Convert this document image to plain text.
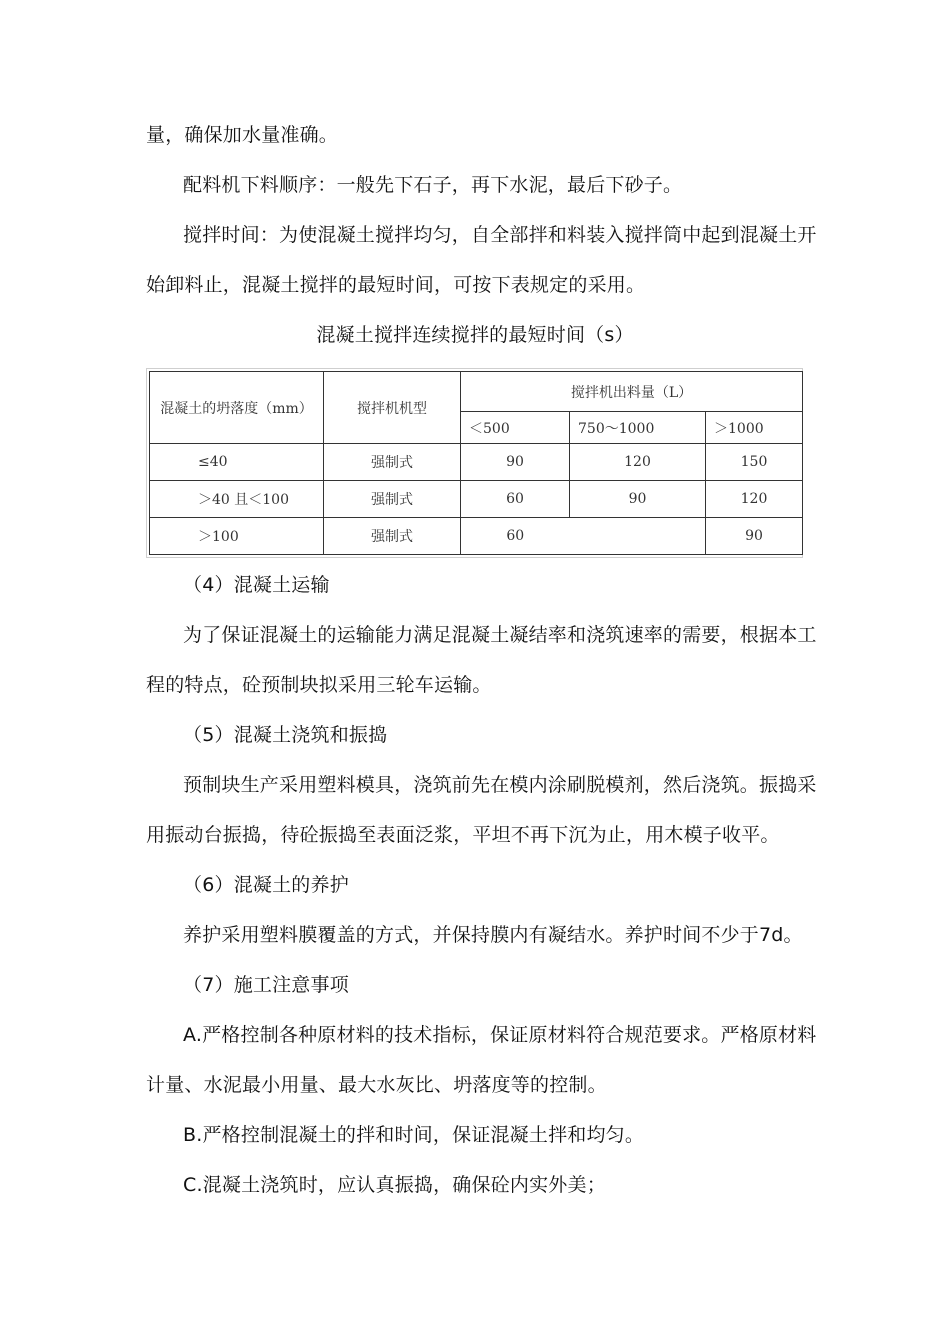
量，确保加水量准确。
配料机下料顺序：一般先下石子，再下水泥，最后下砂子。
搅拌时间：为使混凝土搅拌均匀，自全部拌和料装入搅拌筒中起到混凝土开
始卸料止，混凝土搅拌的最短时间，可按下表规定的采用。
混凝土搅拌连续搅拌的最短时间（s）
混凝土的坍落度（mm）	搅拌机机型	搅拌机出料量（L）		
		＜500	750～1000	＞1000
≤40	强制式	90	120	150
＞40 且＜100	强制式	60	90	120
＞100	强制式	60		90
（4）混凝土运输
为了保证混凝土的运输能力满足混凝土凝结率和浇筑速率的需要，根据本工
程的特点，砼预制块拟采用三轮车运输。
（5）混凝土浇筑和振捣
预制块生产采用塑料模具，浇筑前先在模内涂刷脱模剂，然后浇筑。振捣采
用振动台振捣，待砼振捣至表面泛浆，平坦不再下沉为止，用木模子收平。
（6）混凝土的养护
养护采用塑料膜覆盖的方式，并保持膜内有凝结水。养护时间不少于7d。
（7）施工注意事项
A.严格控制各种原材料的技术指标，保证原材料符合规范要求。严格原材料
计量、水泥最小用量、最大水灰比、坍落度等的控制。
B.严格控制混凝土的拌和时间，保证混凝土拌和均匀。
C.混凝土浇筑时，应认真振捣，确保砼内实外美；
